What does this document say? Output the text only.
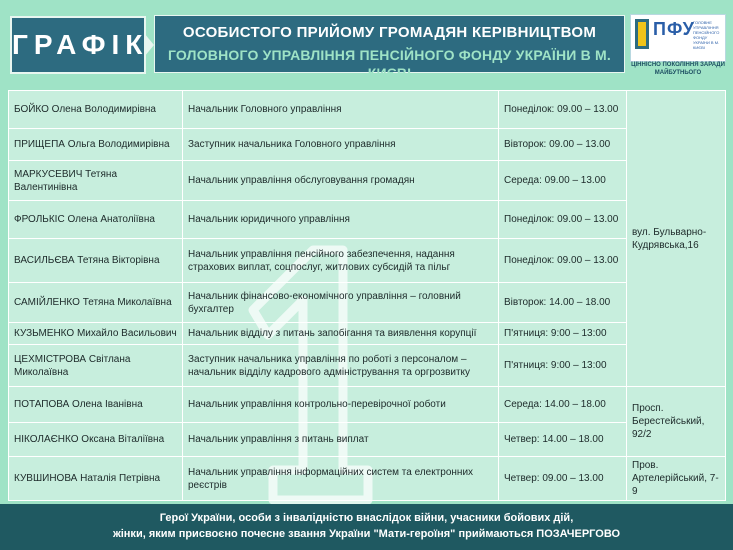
ГРАФІК	ОСОБИСТОГО ПРИЙОМУ ГРОМАДЯН КЕРІВНИЦТВОМ
ГОЛОВНОГО УПРАВЛІННЯ ПЕНСІЙНОГО ФОНДУ УКРАЇНИ В М. КИЄВІ
ПФУ
ГОЛОВНЕ УПРАВЛІННЯ ПЕНСІЙНОГО ФОНДУ УКРАЇНИ В М. КИЄВІ
ЦІННІСНО ПОКОЛІННЯ ЗАРАДИ МАЙБУТНЬОГО
БОЙКО Олена Володимирівна	Начальник Головного управління	Понеділок: 09.00 – 13.00	вул. Бульварно-Кудрявська,16
ПРИЩЕПА Ольга Володимирівна	Заступник начальника Головного управління	Вівторок: 09.00 – 13.00	
МАРКУСЕВИЧ Тетяна Валентинівна	Начальник управління обслуговування громадян	Середа: 09.00 – 13.00	
ФРОЛЬКІС Олена Анатоліївна	Начальник юридичного управління	Понеділок: 09.00 – 13.00	
ВАСИЛЬЄВА Тетяна Вікторівна	Начальник управління пенсійного забезпечення, надання страхових виплат, соцпослуг, житлових субсидій та пільг	Понеділок: 09.00 – 13.00	
САМІЙЛЕНКО Тетяна Миколаївна	Начальник фінансово-економічного управління – головний бухгалтер	Вівторок: 14.00 – 18.00	
КУЗЬМЕНКО Михайло Васильович	Начальник відділу з питань запобігання та виявлення корупції	П'ятниця: 9:00 – 13:00	
ЦЕХМІСТРОВА Світлана Миколаївна	Заступник начальника управління по роботі з персоналом – начальник відділу кадрового адміністрування та оргрозвитку	П'ятниця: 9:00 – 13:00	
ПОТАПОВА Олена Іванівна	Начальник управління контрольно-перевірочної роботи	Середа: 14.00 – 18.00	Просп. Берестейський, 92/2
НІКОЛАЄНКО Оксана Віталіївна	Начальник управління з питань виплат	Четвер: 14.00 – 18.00	
КУВШИНОВА Наталія Петрівна	Начальник управління інформаційних систем та електронних реєстрів	Четвер: 09.00 – 13.00	Пров. Артелерійський, 7-9
Герої України, особи з інвалідністю внаслідок війни, учасники бойових дій,
жінки, яким присвоєно почесне звання України "Мати-героїня" приймаються ПОЗАЧЕРГОВО
